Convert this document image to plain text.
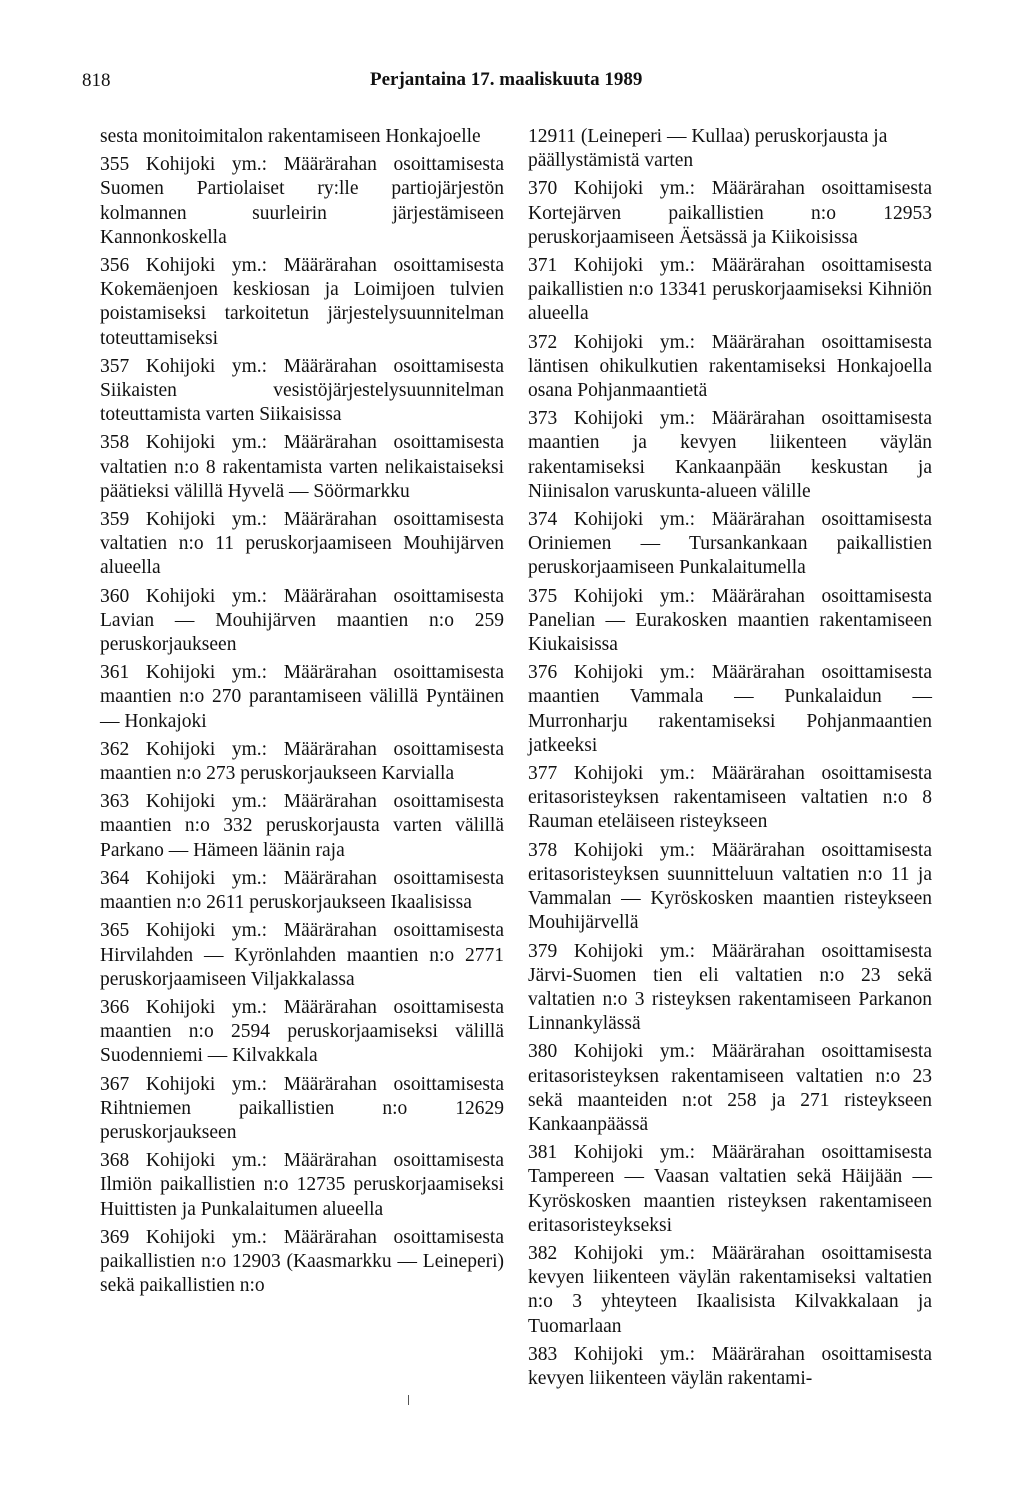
818	Perjantaina 17. maaliskuuta 1989

sesta monitoimitalon rakentamiseen Honkajoelle

355 Kohijoki ym.: Määrärahan osoittamisesta Suomen Partiolaiset ry:lle partiojärjestön kolmannen suurleirin järjestämiseen Kannonkoskella

356 Kohijoki ym.: Määrärahan osoittamisesta Kokemäenjoen keskiosan ja Loimijoen tulvien poistamiseksi tarkoitetun järjestelysuunnitelman toteuttamiseksi

357 Kohijoki ym.: Määrärahan osoittamisesta Siikaisten vesistöjärjestelysuunnitelman toteuttamista varten Siikaisissa

358 Kohijoki ym.: Määrärahan osoittamisesta valtatien n:o 8 rakentamista varten nelikaistaiseksi päätieksi välillä Hyvelä — Söörmarkku

359 Kohijoki ym.: Määrärahan osoittamisesta valtatien n:o 11 peruskorjaamiseen Mouhijärven alueella

360 Kohijoki ym.: Määrärahan osoittamisesta Lavian — Mouhijärven maantien n:o 259 peruskorjaukseen

361 Kohijoki ym.: Määrärahan osoittamisesta maantien n:o 270 parantamiseen välillä Pyntäinen — Honkajoki

362 Kohijoki ym.: Määrärahan osoittamisesta maantien n:o 273 peruskorjaukseen Karvialla

363 Kohijoki ym.: Määrärahan osoittamisesta maantien n:o 332 peruskorjausta varten välillä Parkano — Hämeen läänin raja

364 Kohijoki ym.: Määrärahan osoittamisesta maantien n:o 2611 peruskorjaukseen Ikaalisissa

365 Kohijoki ym.: Määrärahan osoittamisesta Hirvilahden — Kyrönlahden maantien n:o 2771 peruskorjaamiseen Viljakkalassa

366 Kohijoki ym.: Määrärahan osoittamisesta maantien n:o 2594 peruskorjaamiseksi välillä Suodenniemi — Kilvakkala

367 Kohijoki ym.: Määrärahan osoittamisesta Rihtniemen paikallistien n:o 12629 peruskorjaukseen

368 Kohijoki ym.: Määrärahan osoittamisesta Ilmiön paikallistien n:o 12735 peruskorjaamiseksi Huittisten ja Punkalaitumen alueella

369 Kohijoki ym.: Määrärahan osoittamisesta paikallistien n:o 12903 (Kaasmarkku — Leineperi) sekä paikallistien n:o

12911 (Leineperi — Kullaa) peruskorjausta ja päällystämistä varten

370 Kohijoki ym.: Määrärahan osoittamisesta Kortejärven paikallistien n:o 12953 peruskorjaamiseen Äetsässä ja Kiikoisissa

371 Kohijoki ym.: Määrärahan osoittamisesta paikallistien n:o 13341 peruskorjaamiseksi Kihniön alueella

372 Kohijoki ym.: Määrärahan osoittamisesta läntisen ohikulkutien rakentamiseksi Honkajoella osana Pohjanmaantietä

373 Kohijoki ym.: Määrärahan osoittamisesta maantien ja kevyen liikenteen väylän rakentamiseksi Kankaanpään keskustan ja Niinisalon varuskunta-alueen välille

374 Kohijoki ym.: Määrärahan osoittamisesta Oriniemen — Tursankankaan paikallistien peruskorjaamiseen Punkalaitumella

375 Kohijoki ym.: Määrärahan osoittamisesta Panelian — Eurakosken maantien rakentamiseen Kiukaisissa

376 Kohijoki ym.: Määrärahan osoittamisesta maantien Vammala — Punkalaidun — Murronharju rakentamiseksi Pohjanmaantien jatkeeksi

377 Kohijoki ym.: Määrärahan osoittamisesta eritasoristeyksen rakentamiseen valtatien n:o 8 Rauman eteläiseen risteykseen

378 Kohijoki ym.: Määrärahan osoittamisesta eritasoristeyksen suunnitteluun valtatien n:o 11 ja Vammalan — Kyröskosken maantien risteykseen Mouhijärvellä

379 Kohijoki ym.: Määrärahan osoittamisesta Järvi-Suomen tien eli valtatien n:o 23 sekä valtatien n:o 3 risteyksen rakentamiseen Parkanon Linnankylässä

380 Kohijoki ym.: Määrärahan osoittamisesta eritasoristeyksen rakentamiseen valtatien n:o 23 sekä maanteiden n:ot 258 ja 271 risteykseen Kankaanpäässä

381 Kohijoki ym.: Määrärahan osoittamisesta Tampereen — Vaasan valtatien sekä Häijään — Kyröskosken maantien risteyksen rakentamiseen eritasoristeykseksi

382 Kohijoki ym.: Määrärahan osoittamisesta kevyen liikenteen väylän rakentamiseksi valtatien n:o 3 yhteyteen Ikaalisista Kilvakkalaan ja Tuomarlaan

383 Kohijoki ym.: Määrärahan osoittamisesta kevyen liikenteen väylän rakentami-
